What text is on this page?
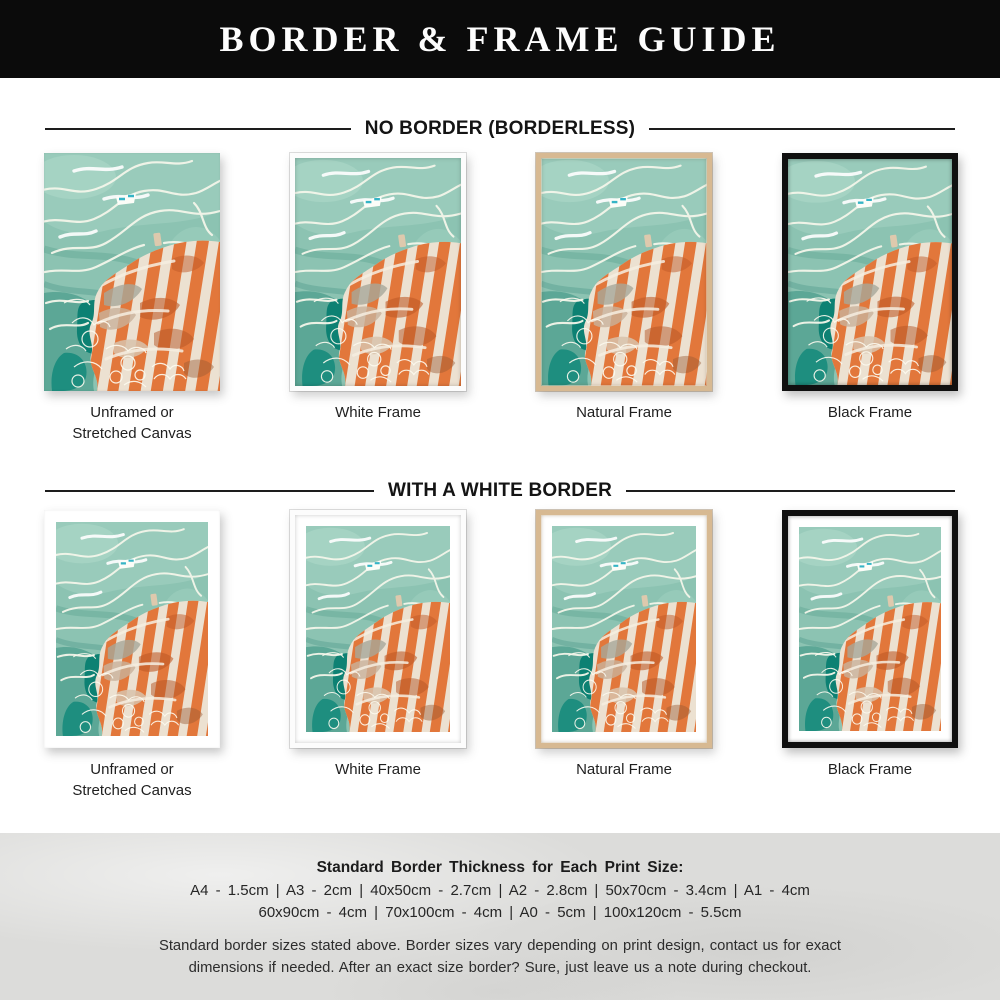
BORDER & FRAME GUIDE
NO BORDER (BORDERLESS)
Unframed or
Stretched Canvas
White Frame	Natural Frame	Black Frame
WITH A WHITE BORDER
Unframed or
Stretched Canvas
White Frame	Natural Frame	Black Frame

Standard Border Thickness for Each Print Size:

A4 - 1.5cm | A3 - 2cm | 40x50cm - 2.7cm | A2 - 2.8cm | 50x70cm - 3.4cm | A1 - 4cm

60x90cm - 4cm | 70x100cm - 4cm | A0 - 5cm | 100x120cm - 5.5cm

Standard border sizes stated above. Border sizes vary depending on print design, contact us for exact

dimensions if needed. After an exact size border? Sure, just leave us a note during checkout.
